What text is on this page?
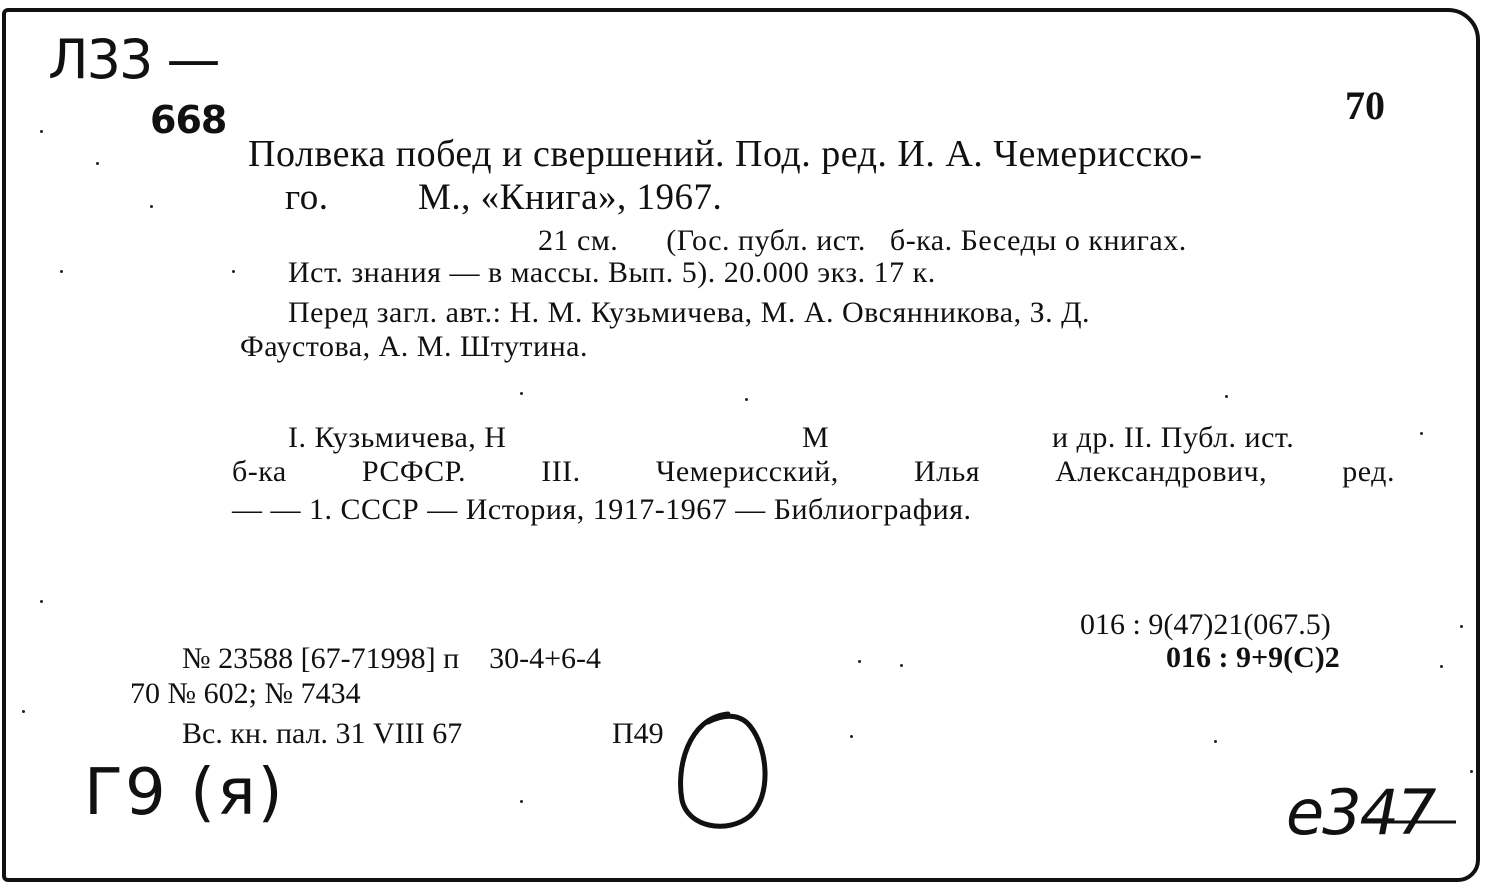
Л33 —
668	70
Полвека побед и свершений. Под. ред. И. А. Чемерисско-
го. М., «Книга», 1967.
21 см.      (Гос. публ. ист.   б-ка. Беседы о книгах.
Ист. знания — в массы. Вып. 5). 20.000 экз. 17 к.
Перед загл. авт.: Н. М. Кузьмичева, М. А. Овсянникова, З. Д.
Фаустова, А. М. Штутина.
I. Кузьмичева, Н	М	и др. II. Публ. ист.
б-ка	РСФСР.	III.	Чемерисский,	Илья	Александрович,	ред.
— — 1. СССР — История, 1917-1967 — Библиография.
016 : 9(47)21(067.5)
016 : 9+9(С)2
№ 23588 [67-71998] п    30-4+6-4
70 № 602; № 7434
Вс. кн. пал. 31 VIII 67	П49
Г9 (я)	е347
